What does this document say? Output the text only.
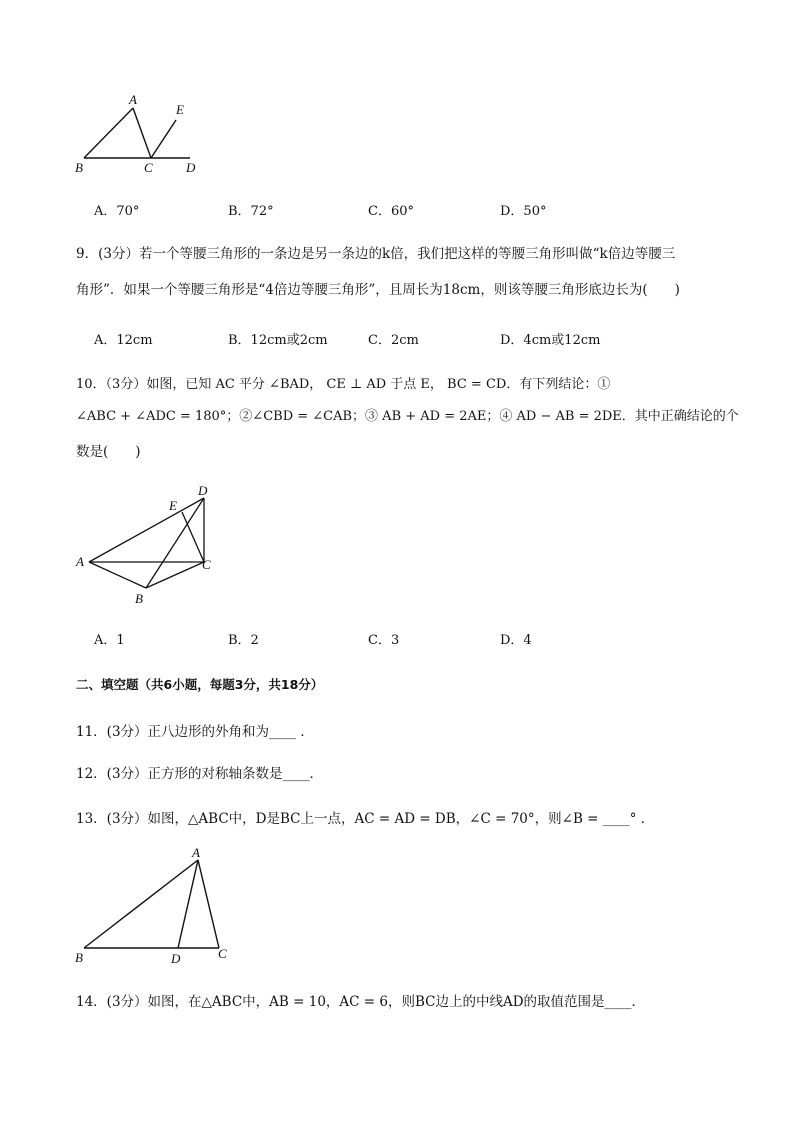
A
B	C	D
E
A．70°	B．72°	C．60°	D．50°
9．(3分）若一个等腰三角形的一条边是另一条边的k倍，我们把这样的等腰三角形叫做“k倍边等腰三
角形”．如果一个等腰三角形是“4倍边等腰三角形”，且周长为18cm，则该等腰三角形底边长为(　　)
A．12cm	B．12cm或2cm	C．2cm	D．4cm或12cm
10．（3分）如图，已知 AC 平分 ∠BAD， CE ⊥ AD 于点 E， BC = CD．有下列结论：①
∠ABC + ∠ADC = 180°；②∠CBD = ∠CAB；③ AB + AD = 2AE；④ AD − AB = 2DE．其中正确结论的个
数是(　　)
A
B
C
D
E
A．1	B．2	C．3	D．4
二、填空题（共6小题，每题3分，共18分）
11．(3分）正八边形的外角和为____ ．
12．(3分）正方形的对称轴条数是____．
13．(3分）如图，△ABC中，D是BC上一点，AC = AD = DB，∠C = 70°，则∠B = ____° ．
A
B	C
D
14．(3分）如图，在△ABC中，AB = 10，AC = 6，则BC边上的中线AD的取值范围是____．
